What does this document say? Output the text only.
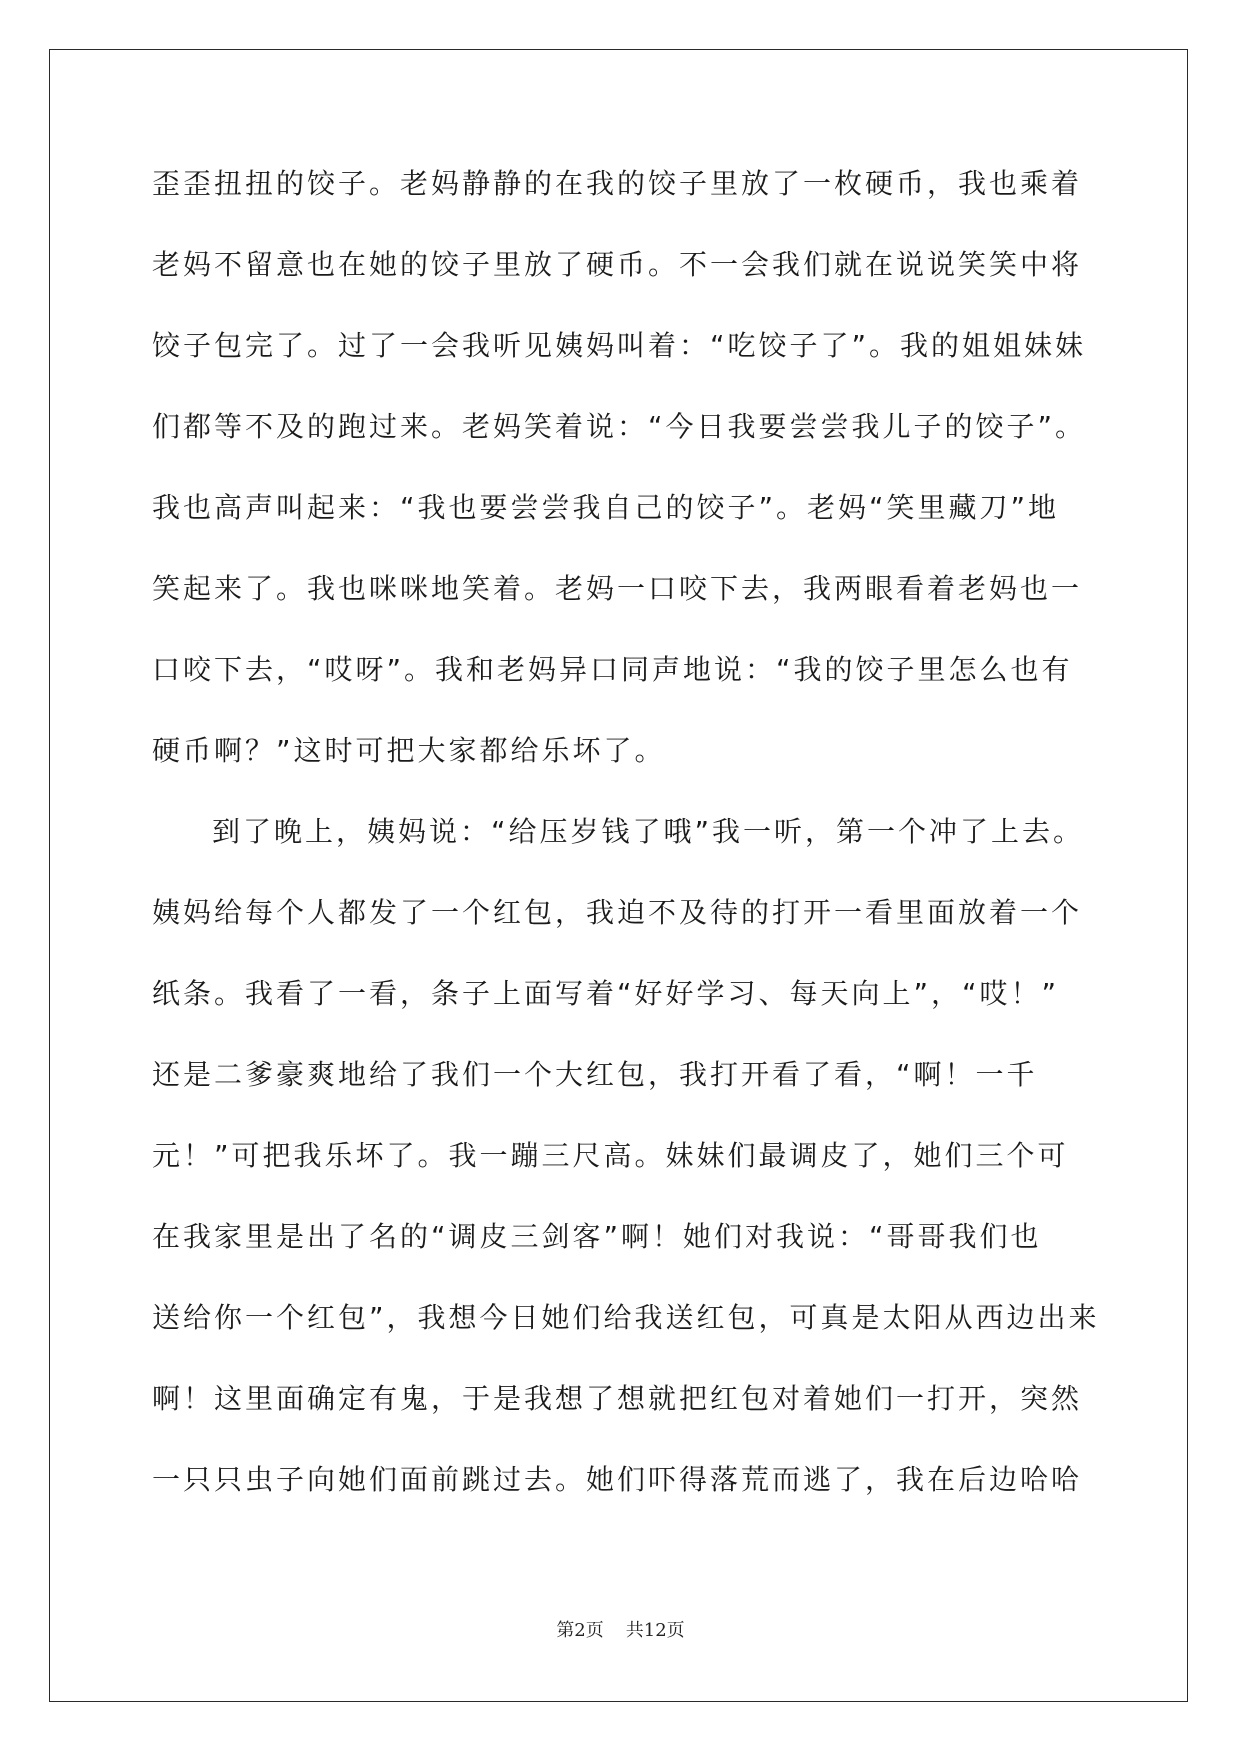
歪歪扭扭的饺子。老妈静静的在我的饺子里放了一枚硬币，我也乘着
老妈不留意也在她的饺子里放了硬币。不一会我们就在说说笑笑中将
饺子包完了。过了一会我听见姨妈叫着：“吃饺子了”。我的姐姐妹妹
们都等不及的跑过来。老妈笑着说：“今日我要尝尝我儿子的饺子”。
我也高声叫起来：“我也要尝尝我自己的饺子”。老妈“笑里藏刀”地
笑起来了。我也咪咪地笑着。老妈一口咬下去，我两眼看着老妈也一
口咬下去，“哎呀”。我和老妈异口同声地说：“我的饺子里怎么也有
硬币啊？”这时可把大家都给乐坏了。
到了晚上，姨妈说：“给压岁钱了哦”我一听，第一个冲了上去。
姨妈给每个人都发了一个红包，我迫不及待的打开一看里面放着一个
纸条。我看了一看，条子上面写着“好好学习、每天向上”，“哎！”
还是二爹豪爽地给了我们一个大红包，我打开看了看，“啊！一千
元！”可把我乐坏了。我一蹦三尺高。妹妹们最调皮了，她们三个可
在我家里是出了名的“调皮三剑客”啊！她们对我说：“哥哥我们也
送给你一个红包”，我想今日她们给我送红包，可真是太阳从西边出来
啊！这里面确定有鬼，于是我想了想就把红包对着她们一打开，突然
一只只虫子向她们面前跳过去。她们吓得落荒而逃了，我在后边哈哈
第2页 共12页
